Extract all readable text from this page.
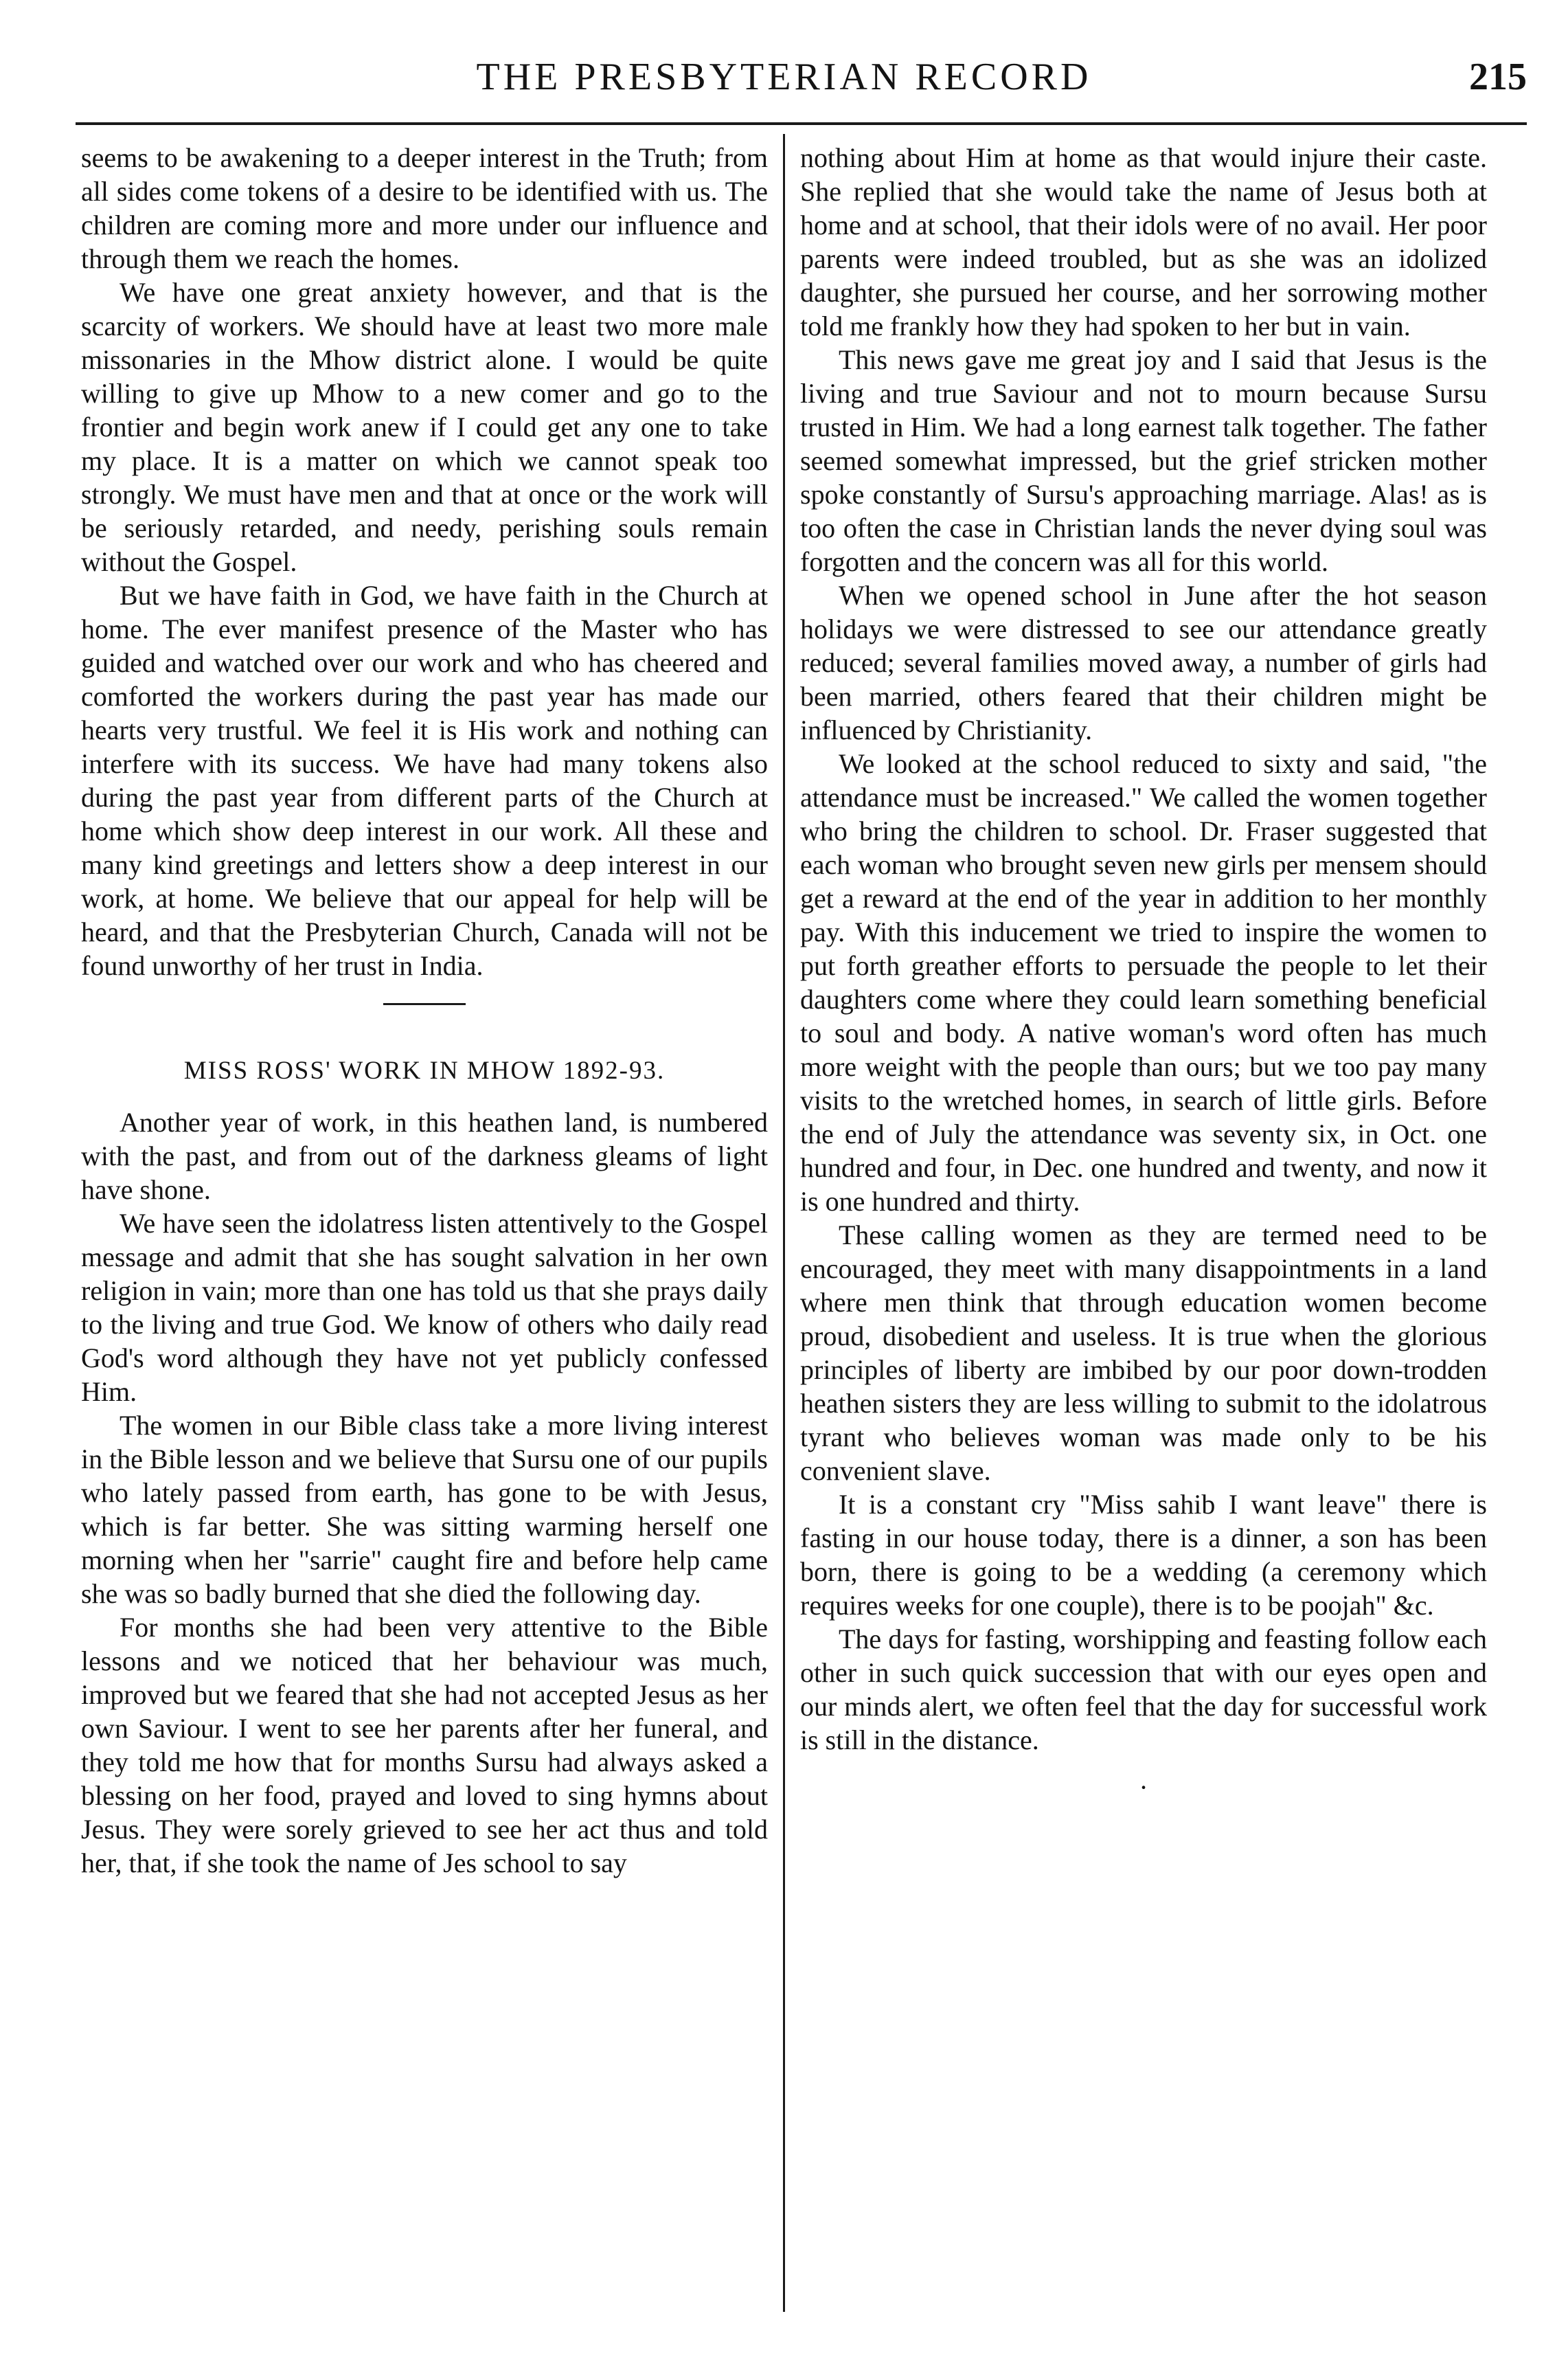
THE PRESBYTERIAN RECORD	215

seems to be awakening to a deeper interest in the Truth; from all sides come tokens of a desire to be identified with us. The children are coming more and more under our influence and through them we reach the homes.

We have one great anxiety however, and that is the scarcity of workers. We should have at least two more male missonaries in the Mhow district alone. I would be quite willing to give up Mhow to a new comer and go to the frontier and begin work anew if I could get any one to take my place. It is a matter on which we cannot speak too strongly. We must have men and that at once or the work will be seriously retarded, and needy, perishing souls remain without the Gospel.

But we have faith in God, we have faith in the Church at home. The ever manifest presence of the Master who has guided and watched over our work and who has cheered and comforted the workers during the past year has made our hearts very trustful. We feel it is His work and nothing can interfere with its success. We have had many tokens also during the past year from different parts of the Church at home which show deep interest in our work. All these and many kind greetings and letters show a deep interest in our work, at home. We believe that our appeal for help will be heard, and that the Presbyterian Church, Canada will not be found unworthy of her trust in India.

MISS ROSS' WORK IN MHOW 1892-93.

Another year of work, in this heathen land, is numbered with the past, and from out of the darkness gleams of light have shone.

We have seen the idolatress listen attentively to the Gospel message and admit that she has sought salvation in her own religion in vain; more than one has told us that she prays daily to the living and true God. We know of others who daily read God's word although they have not yet publicly confessed Him.

The women in our Bible class take a more living interest in the Bible lesson and we believe that Sursu one of our pupils who lately passed from earth, has gone to be with Jesus, which is far better. She was sitting warming herself one morning when her "sarrie" caught fire and before help came she was so badly burned that she died the following day.

For months she had been very attentive to the Bible lessons and we noticed that her behaviour was much, improved but we feared that she had not accepted Jesus as her own Saviour. I went to see her parents after her funeral, and they told me how that for months Sursu had always asked a blessing on her food, prayed and loved to sing hymns about Jesus. They were sorely grieved to see her act thus and told her, that, if she took the name of Jes school to say

nothing about Him at home as that would injure their caste. She replied that she would take the name of Jesus both at home and at school, that their idols were of no avail. Her poor parents were indeed troubled, but as she was an idolized daughter, she pursued her course, and her sorrowing mother told me frankly how they had spoken to her but in vain.

This news gave me great joy and I said that Jesus is the living and true Saviour and not to mourn because Sursu trusted in Him. We had a long earnest talk together. The father seemed somewhat impressed, but the grief stricken mother spoke constantly of Sursu's approaching marriage. Alas! as is too often the case in Christian lands the never dying soul was forgotten and the concern was all for this world.

When we opened school in June after the hot season holidays we were distressed to see our attendance greatly reduced; several families moved away, a number of girls had been married, others feared that their children might be influenced by Christianity.

We looked at the school reduced to sixty and said, "the attendance must be increased." We called the women together who bring the children to school. Dr. Fraser suggested that each woman who brought seven new girls per mensem should get a reward at the end of the year in addition to her monthly pay. With this inducement we tried to inspire the women to put forth greather efforts to persuade the people to let their daughters come where they could learn something beneficial to soul and body. A native woman's word often has much more weight with the people than ours; but we too pay many visits to the wretched homes, in search of little girls. Before the end of July the attendance was seventy six, in Oct. one hundred and four, in Dec. one hundred and twenty, and now it is one hundred and thirty.

These calling women as they are termed need to be encouraged, they meet with many disappointments in a land where men think that through education women become proud, disobedient and useless. It is true when the glorious principles of liberty are imbibed by our poor down-trodden heathen sisters they are less willing to submit to the idolatrous tyrant who believes woman was made only to be his convenient slave.

It is a constant cry "Miss sahib I want leave" there is fasting in our house today, there is a dinner, a son has been born, there is going to be a wedding (a ceremony which requires weeks for one couple), there is to be poojah" &c.

The days for fasting, worshipping and feasting follow each other in such quick succession that with our eyes open and our minds alert, we often feel that the day for successful work is still in the distance.

·
